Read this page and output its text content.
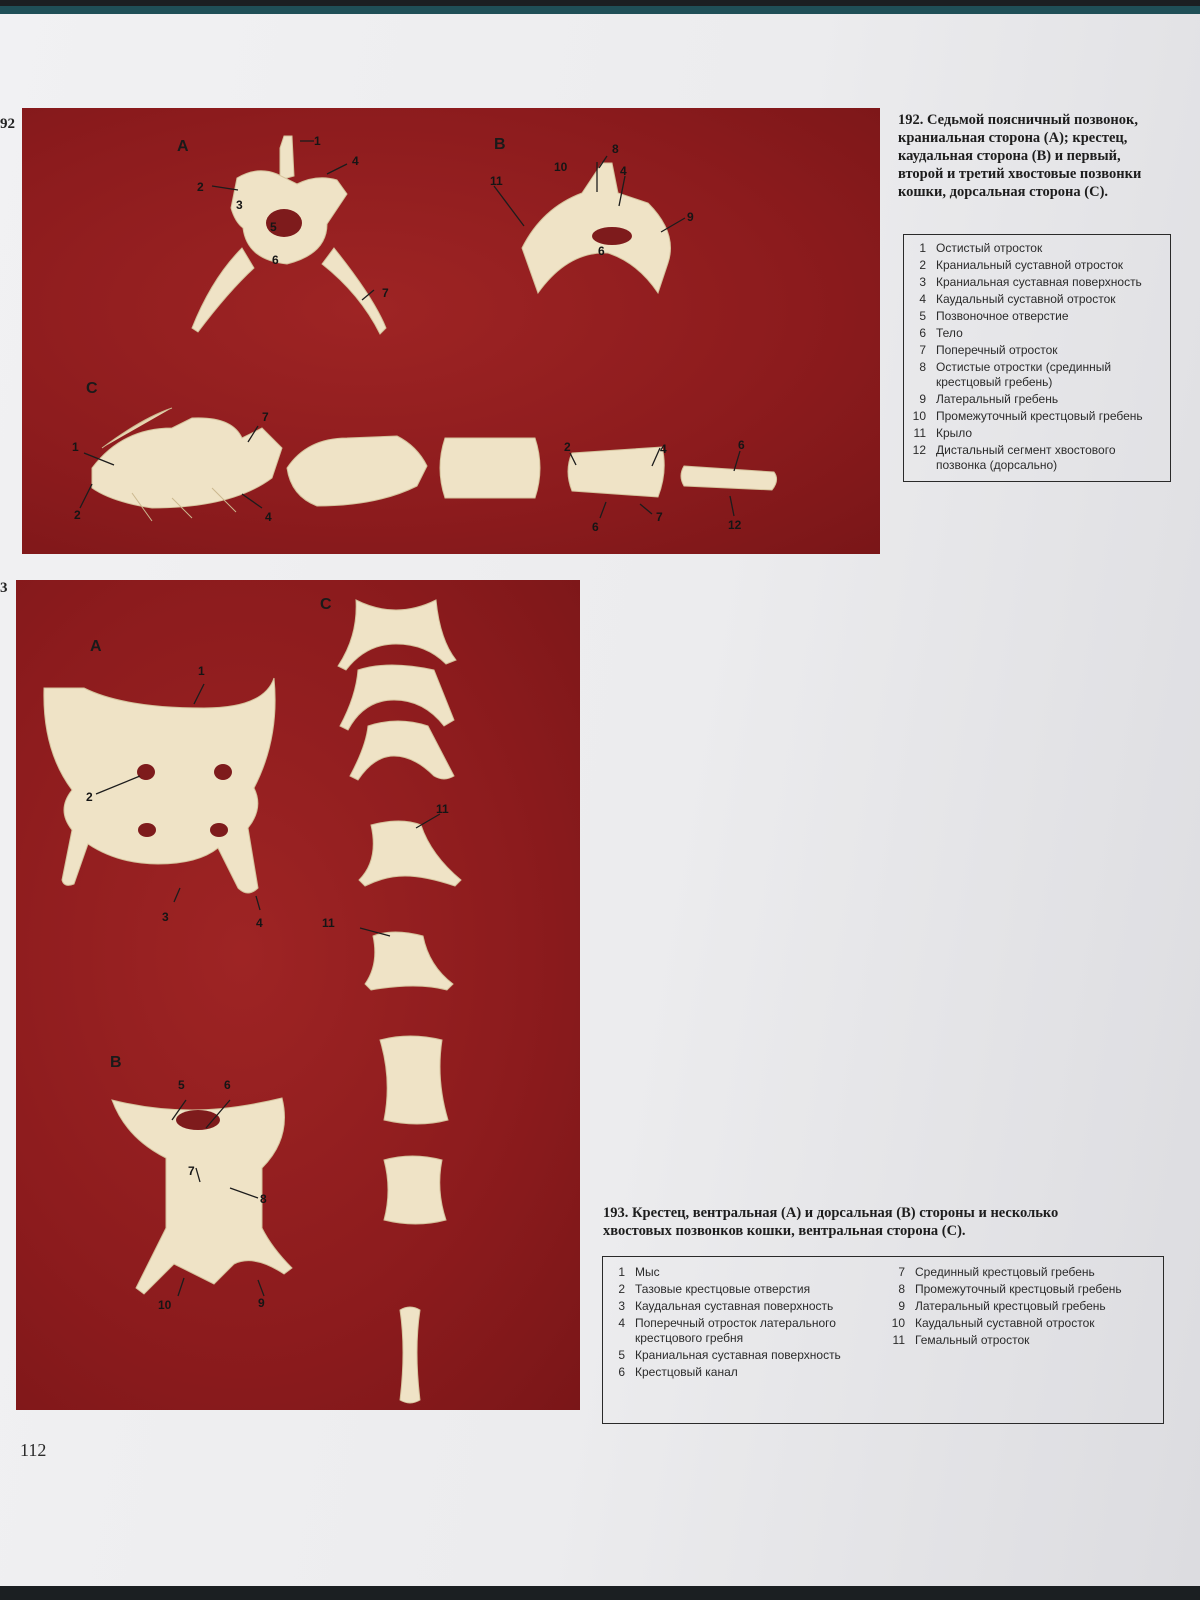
92
A	B
C
1
4
2
3
5
6
7
8
10	4
11
9
6
1
7
2	4
2	4
6
7
6
12
192. Седьмой поясничный позвонок, краниальная сторона (A); крестец, каудальная сторона (B) и первый, второй и третий хвостовые позвонки кошки, дорсальная сторона (C).
1 Остистый отросток
2 Краниальный суставной отросток
3 Краниальная суставная поверхность
4 Каудальный суставной отросток
5 Позвоночное отверстие
6 Тело
7 Поперечный отросток
8 Остистые отростки (срединный крестцовый гребень)
9 Латеральный гребень
10 Промежуточный крестцовый гребень
11 Крыло
12 Дистальный сегмент хвостового позвонка (дорсально)
3
C
A
B
1
2
3	4
5	6
7
8
10	9
11
11
193. Крестец, вентральная (A) и дорсальная (B) стороны и несколько хвостовых позвонков кошки, вентральная сторона (C).
1 Мыс
2 Тазовые крестцовые отверстия
3 Каудальная суставная поверхность
4 Поперечный отросток латерального крестцового гребня
5 Краниальная суставная поверхность
6 Крестцовый канал
7 Срединный крестцовый гребень
8 Промежуточный крестцовый гребень
9 Латеральный крестцовый гребень
10 Каудальный суставной отросток
11 Гемальный отросток
112
